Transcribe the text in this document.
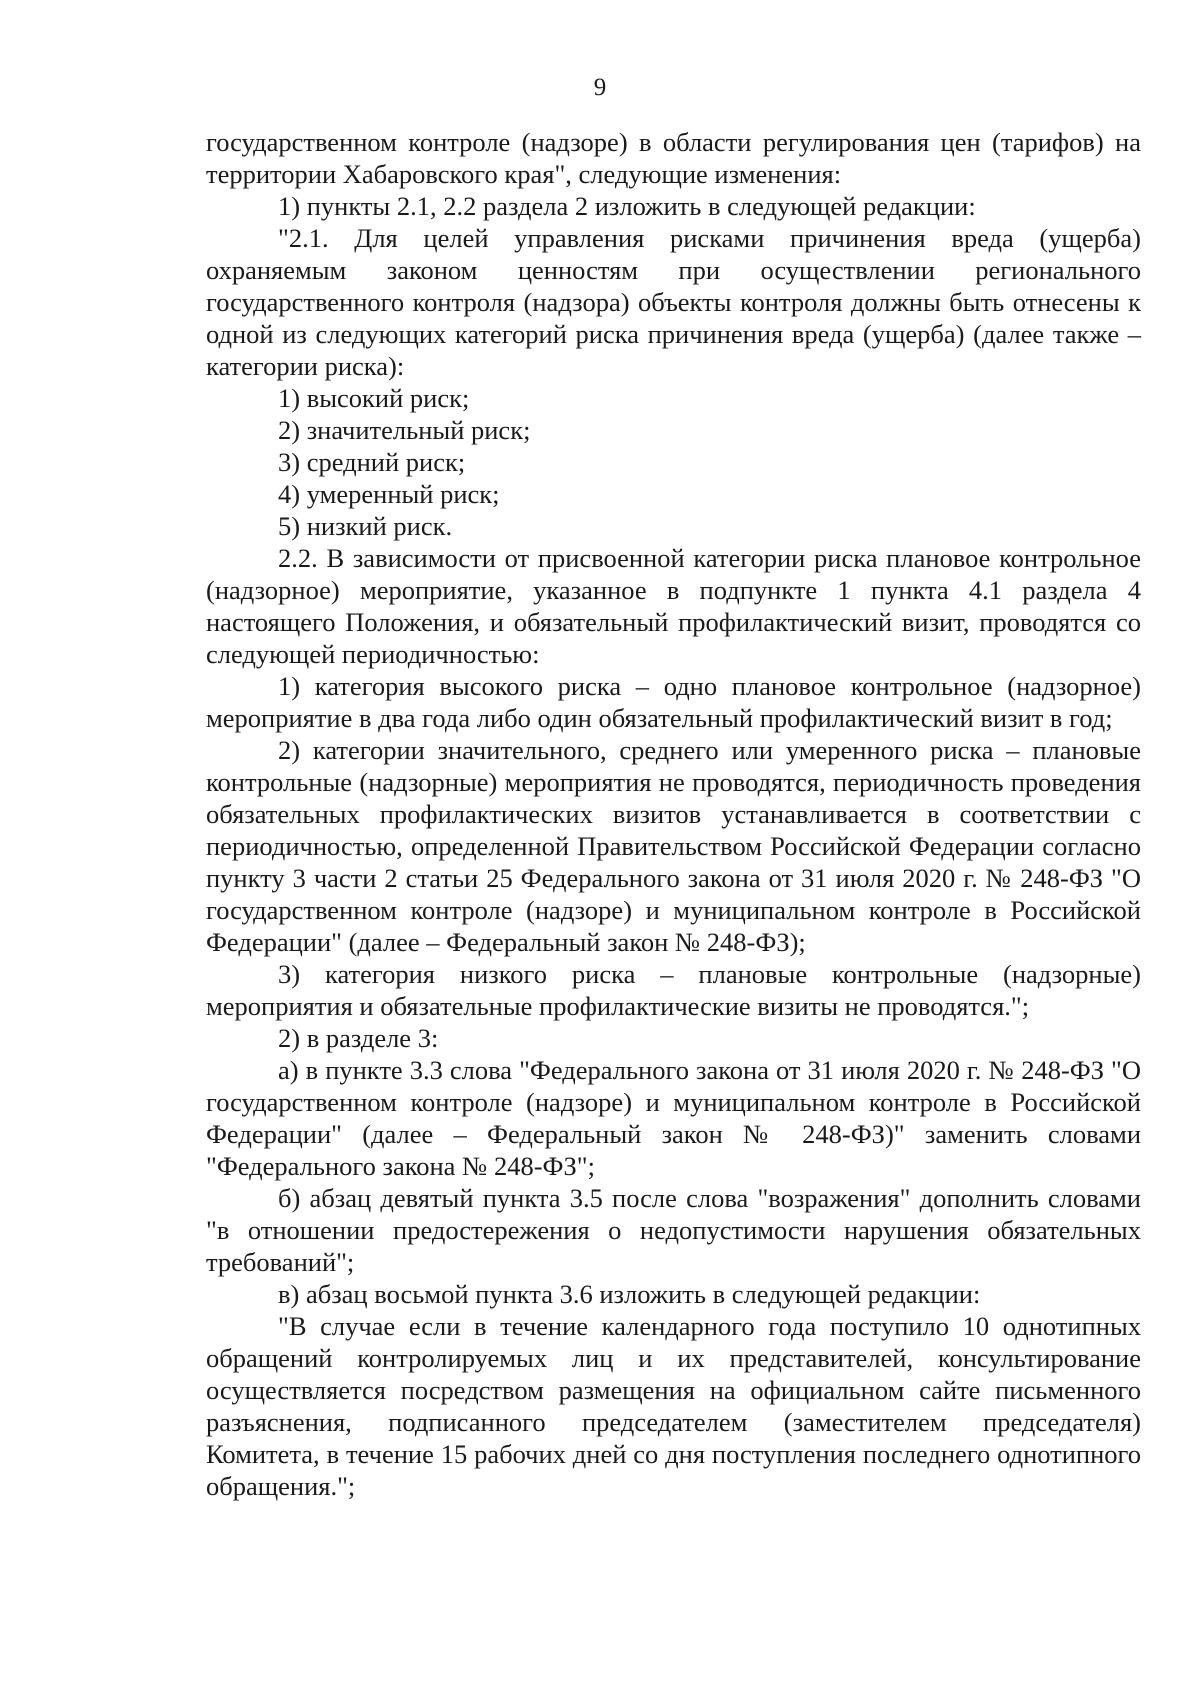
9

государственном контроле (надзоре) в области регулирования цен (тарифов) на территории Хабаровского края", следующие изменения:

1) пункты 2.1, 2.2 раздела 2 изложить в следующей редакции:

"2.1. Для целей управления рисками причинения вреда (ущерба) охраняемым законом ценностям при осуществлении регионального государственного контроля (надзора) объекты контроля должны быть отнесены к одной из следующих категорий риска причинения вреда (ущерба) (далее также – категории риска):

1) высокий риск;

2) значительный риск;

3) средний риск;

4) умеренный риск;

5) низкий риск.

2.2. В зависимости от присвоенной категории риска плановое контрольное (надзорное) мероприятие, указанное в подпункте 1 пункта 4.1 раздела 4 настоящего Положения, и обязательный профилактический визит, проводятся со следующей периодичностью:

1) категория высокого риска – одно плановое контрольное (надзорное) мероприятие в два года либо один обязательный профилактический визит в год;

2) категории значительного, среднего или умеренного риска – плановые контрольные (надзорные) мероприятия не проводятся, периодичность проведения обязательных профилактических визитов устанавливается в соответствии с периодичностью, определенной Правительством Российской Федерации согласно пункту 3 части 2 статьи 25 Федерального закона от 31 июля 2020 г. № 248-ФЗ "О государственном контроле (надзоре) и муниципальном контроле в Российской Федерации" (далее – Федеральный закон № 248-ФЗ);

3) категория низкого риска – плановые контрольные (надзорные) мероприятия и обязательные профилактические визиты не проводятся.";

2) в разделе 3:

а) в пункте 3.3 слова "Федерального закона от 31 июля 2020 г. № 248-ФЗ "О государственном контроле (надзоре) и муниципальном контроле в Российской Федерации" (далее – Федеральный закон № 248-ФЗ)" заменить словами "Федерального закона № 248-ФЗ";

б) абзац девятый пункта 3.5 после слова "возражения" дополнить словами "в отношении предостережения о недопустимости нарушения обязательных требований";

в) абзац восьмой пункта 3.6 изложить в следующей редакции:

"В случае если в течение календарного года поступило 10 однотипных обращений контролируемых лиц и их представителей, консультирование осуществляется посредством размещения на официальном сайте письменного разъяснения, подписанного председателем (заместителем председателя) Комитета, в течение 15 рабочих дней со дня поступления последнего однотипного обращения.";
